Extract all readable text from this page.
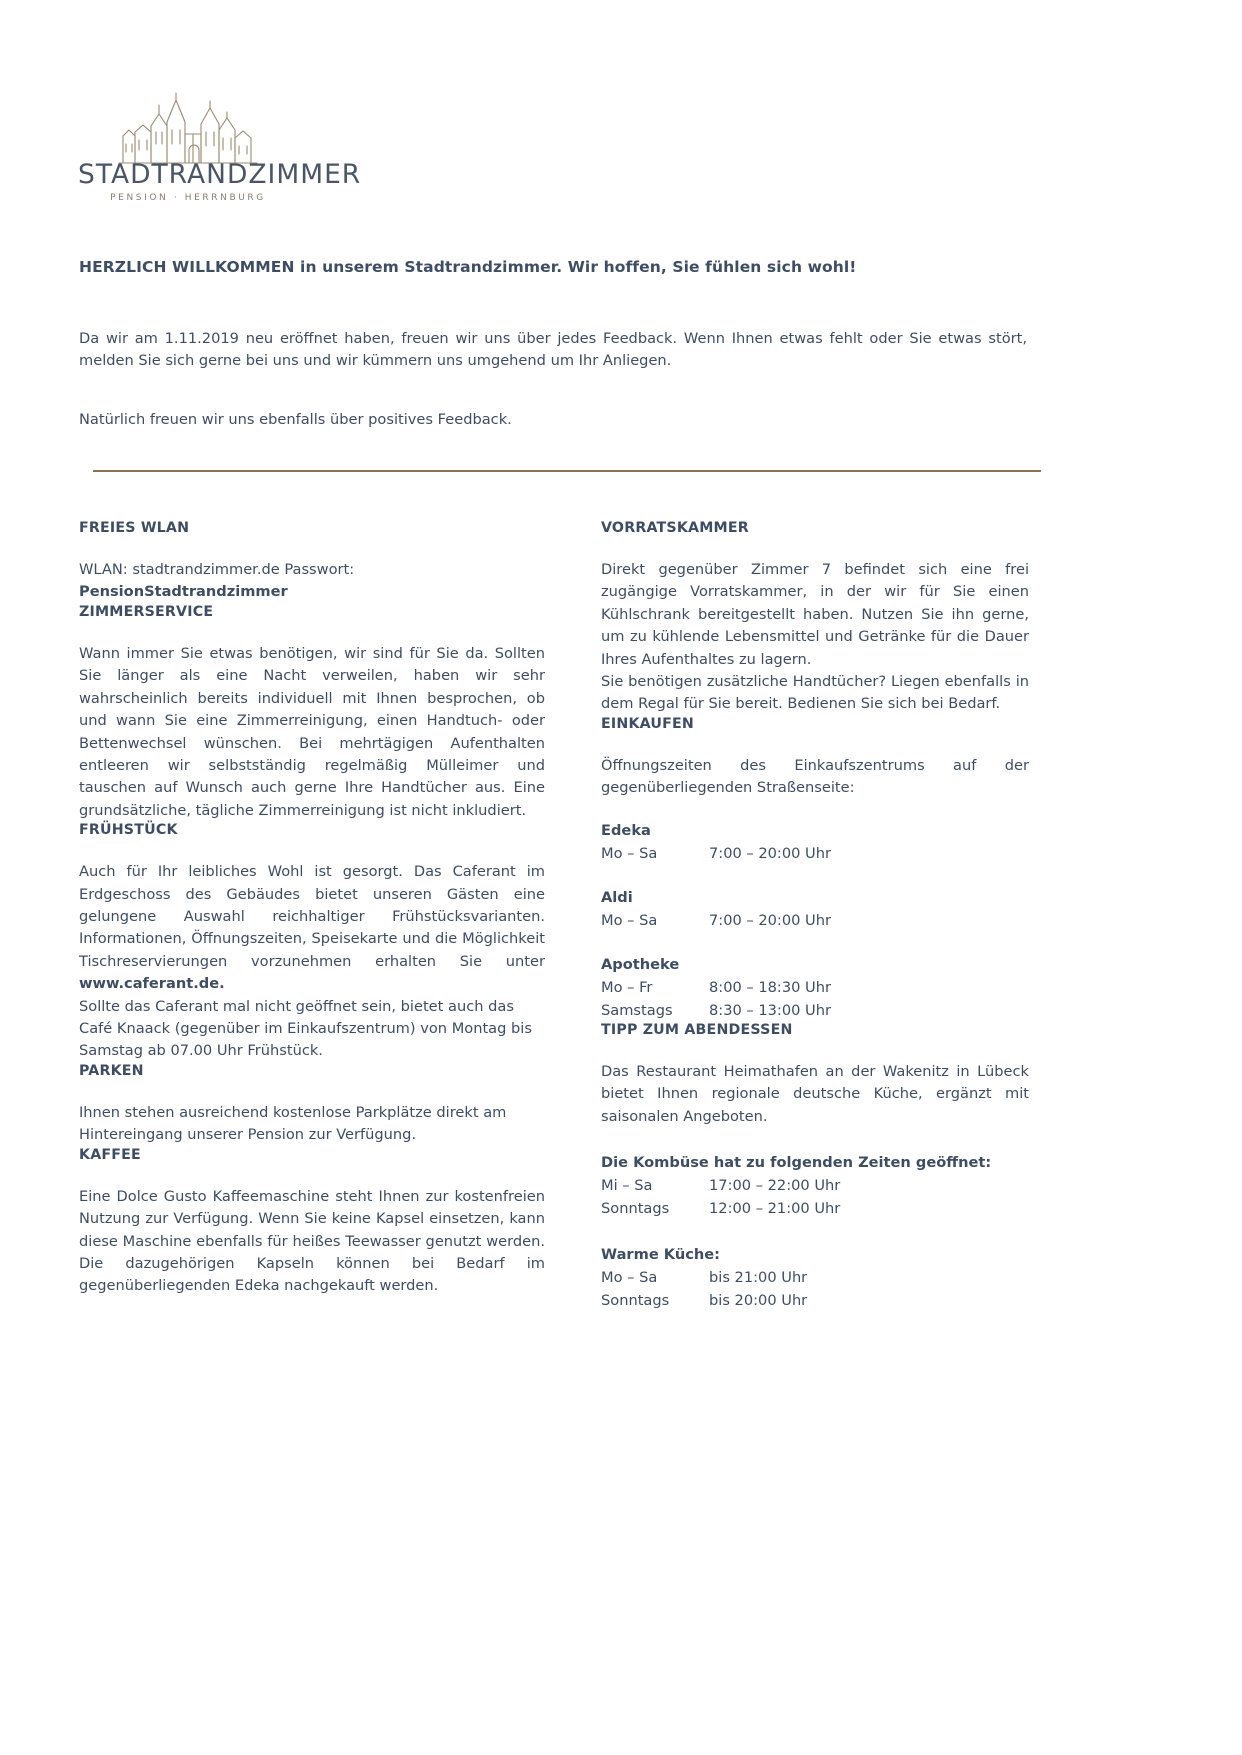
STADTRANDZIMMER
PENSION · HERRNBURG
HERZLICH WILLKOMMEN in unserem Stadtrandzimmer. Wir hoffen, Sie fühlen sich wohl!
Da wir am 1.11.2019 neu eröffnet haben, freuen wir uns über jedes Feedback. Wenn Ihnen etwas fehlt oder Sie etwas stört, melden Sie sich gerne bei uns und wir kümmern uns umgehend um Ihr Anliegen.
Natürlich freuen wir uns ebenfalls über positives Feedback.
FREIES WLAN

WLAN: stadtrandzimmer.de Passwort:
PensionStadtrandzimmer

ZIMMERSERVICE

Wann immer Sie etwas benötigen, wir sind für Sie da. Sollten Sie länger als eine Nacht verweilen, haben wir sehr wahrscheinlich bereits individuell mit Ihnen besprochen, ob und wann Sie eine Zimmerreinigung, einen Handtuch- oder Bettenwechsel wünschen. Bei mehrtägigen Aufenthalten entleeren wir selbstständig regelmäßig Mülleimer und tauschen auf Wunsch auch gerne Ihre Handtücher aus. Eine grundsätzliche, tägliche Zimmerreinigung ist nicht inkludiert.

FRÜHSTÜCK

Auch für Ihr leibliches Wohl ist gesorgt. Das Caferant im Erdgeschoss des Gebäudes bietet unseren Gästen eine gelungene Auswahl reichhaltiger Frühstücksvarianten. Informationen, Öffnungszeiten, Speisekarte und die Möglichkeit Tischreservierungen vorzunehmen erhalten Sie unter www.caferant.de.

Sollte das Caferant mal nicht geöffnet sein, bietet auch das Café Knaack (gegenüber im Einkaufszentrum) von Montag bis Samstag ab 07.00 Uhr Frühstück.

PARKEN

Ihnen stehen ausreichend kostenlose Parkplätze direkt am Hintereingang unserer Pension zur Verfügung.

KAFFEE

Eine Dolce Gusto Kaffeemaschine steht Ihnen zur kostenfreien Nutzung zur Verfügung. Wenn Sie keine Kapsel einsetzen, kann diese Maschine ebenfalls für heißes Teewasser genutzt werden. Die dazugehörigen Kapseln können bei Bedarf im gegenüberliegenden Edeka nachgekauft werden.

VORRATSKAMMER

Direkt gegenüber Zimmer 7 befindet sich eine frei zugängige Vorratskammer, in der wir für Sie einen Kühlschrank bereitgestellt haben. Nutzen Sie ihn gerne, um zu kühlende Lebensmittel und Getränke für die Dauer Ihres Aufenthaltes zu lagern.

Sie benötigen zusätzliche Handtücher? Liegen ebenfalls in dem Regal für Sie bereit. Bedienen Sie sich bei Bedarf.

EINKAUFEN

Öffnungszeiten des Einkaufszentrums auf der gegenüberliegenden Straßenseite:

Edeka
Mo – Sa	7:00 – 20:00 Uhr
Aldi
Mo – Sa	7:00 – 20:00 Uhr
Apotheke
Mo – Fr	8:00 – 18:30 Uhr
Samstags	8:30 – 13:00 Uhr
TIPP ZUM ABENDESSEN

Das Restaurant Heimathafen an der Wakenitz in Lübeck bietet Ihnen regionale deutsche Küche, ergänzt mit saisonalen Angeboten.

Die Kombüse hat zu folgenden Zeiten geöffnet:
Mi – Sa	17:00 – 22:00 Uhr
Sonntags	12:00 – 21:00 Uhr
Warme Küche:
Mo – Sa	bis 21:00 Uhr
Sonntags	bis 20:00 Uhr
